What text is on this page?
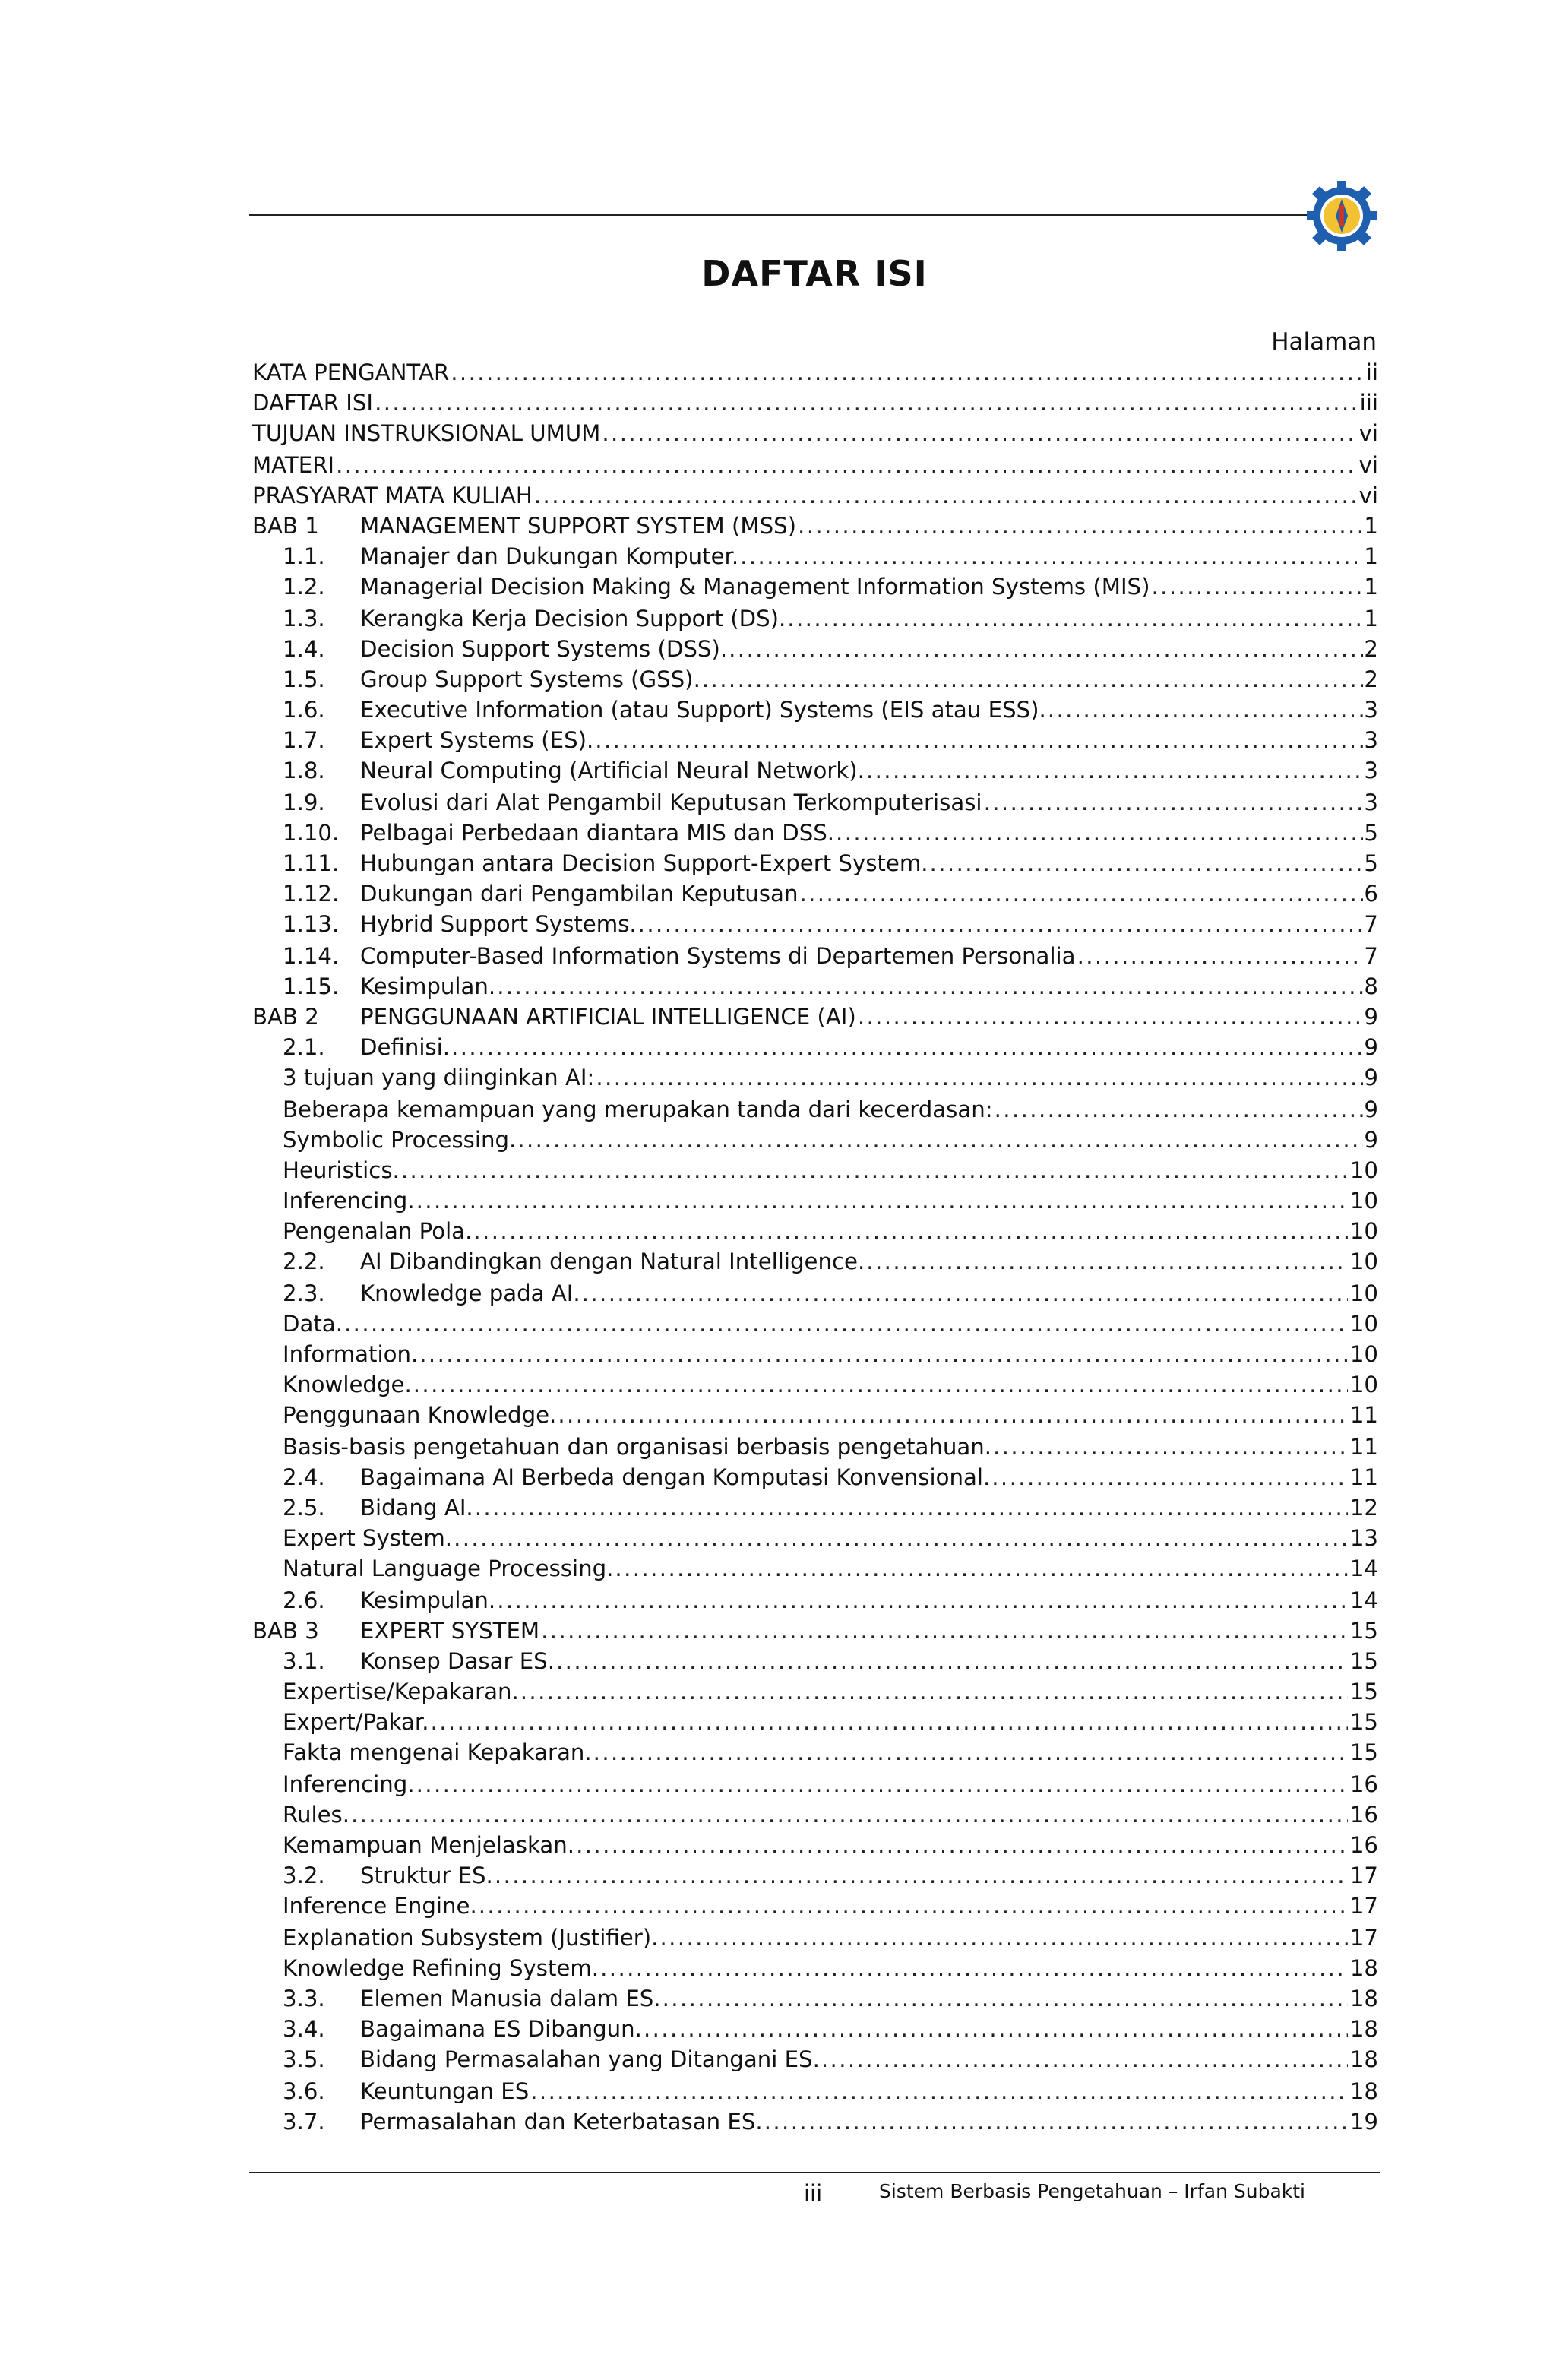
DAFTAR ISI
Halaman
KATA PENGANTAR .....	ii
DAFTAR ISI .....	iii
TUJUAN INSTRUKSIONAL UMUM .....	vi
MATERI .....	vi
PRASYARAT MATA KULIAH .....	vi
BAB 1	MANAGEMENT SUPPORT SYSTEM (MSS) .....	1
1.1.	Manajer dan Dukungan Komputer. .....	1
1.2.	Managerial Decision Making & Management Information Systems (MIS) .....	1
1.3.	Kerangka Kerja Decision Support (DS). .....	1
1.4.	Decision Support Systems (DSS). .....	2
1.5.	Group Support Systems (GSS). .....	2
1.6.	Executive Information (atau Support) Systems (EIS atau ESS). .....	3
1.7.	Expert Systems (ES). .....	3
1.8.	Neural Computing (Artificial Neural Network). .....	3
1.9.	Evolusi dari Alat Pengambil Keputusan Terkomputerisasi .....	3
1.10.	Pelbagai Perbedaan diantara MIS dan DSS. .....	5
1.11.	Hubungan antara Decision Support-Expert System. .....	5
1.12.	Dukungan dari Pengambilan Keputusan .....	6
1.13.	Hybrid Support Systems. .....	7
1.14.	Computer-Based Information Systems di Departemen Personalia .....	7
1.15.	Kesimpulan. .....	8
BAB 2	PENGGUNAAN ARTIFICIAL INTELLIGENCE (AI) .....	9
2.1.	Definisi. .....	9
3 tujuan yang diinginkan AI: .....	9
Beberapa kemampuan yang merupakan tanda dari kecerdasan: .....	9
Symbolic Processing. .....	9
Heuristics. .....	10
Inferencing. .....	10
Pengenalan Pola. .....	10
2.2.	AI Dibandingkan dengan Natural Intelligence. .....	10
2.3.	Knowledge pada AI. .....	10
Data. .....	10
Information. .....	10
Knowledge. .....	10
Penggunaan Knowledge. .....	11
Basis-basis pengetahuan dan organisasi berbasis pengetahuan. .....	11
2.4.	Bagaimana AI Berbeda dengan Komputasi Konvensional. .....	11
2.5.	Bidang AI. .....	12
Expert System. .....	13
Natural Language Processing. .....	14
2.6.	Kesimpulan. .....	14
BAB 3	EXPERT SYSTEM .....	15
3.1.	Konsep Dasar ES. .....	15
Expertise/Kepakaran. .....	15
Expert/Pakar. .....	15
Fakta mengenai Kepakaran. .....	15
Inferencing. .....	16
Rules. .....	16
Kemampuan Menjelaskan. .....	16
3.2.	Struktur ES. .....	17
Inference Engine. .....	17
Explanation Subsystem (Justifier). .....	17
Knowledge Refining System. .....	18
3.3.	Elemen Manusia dalam ES. .....	18
3.4.	Bagaimana ES Dibangun. .....	18
3.5.	Bidang Permasalahan yang Ditangani ES. .....	18
3.6.	Keuntungan ES .....	18
3.7.	Permasalahan dan Keterbatasan ES. .....	19
iii	Sistem Berbasis Pengetahuan – Irfan Subakti
